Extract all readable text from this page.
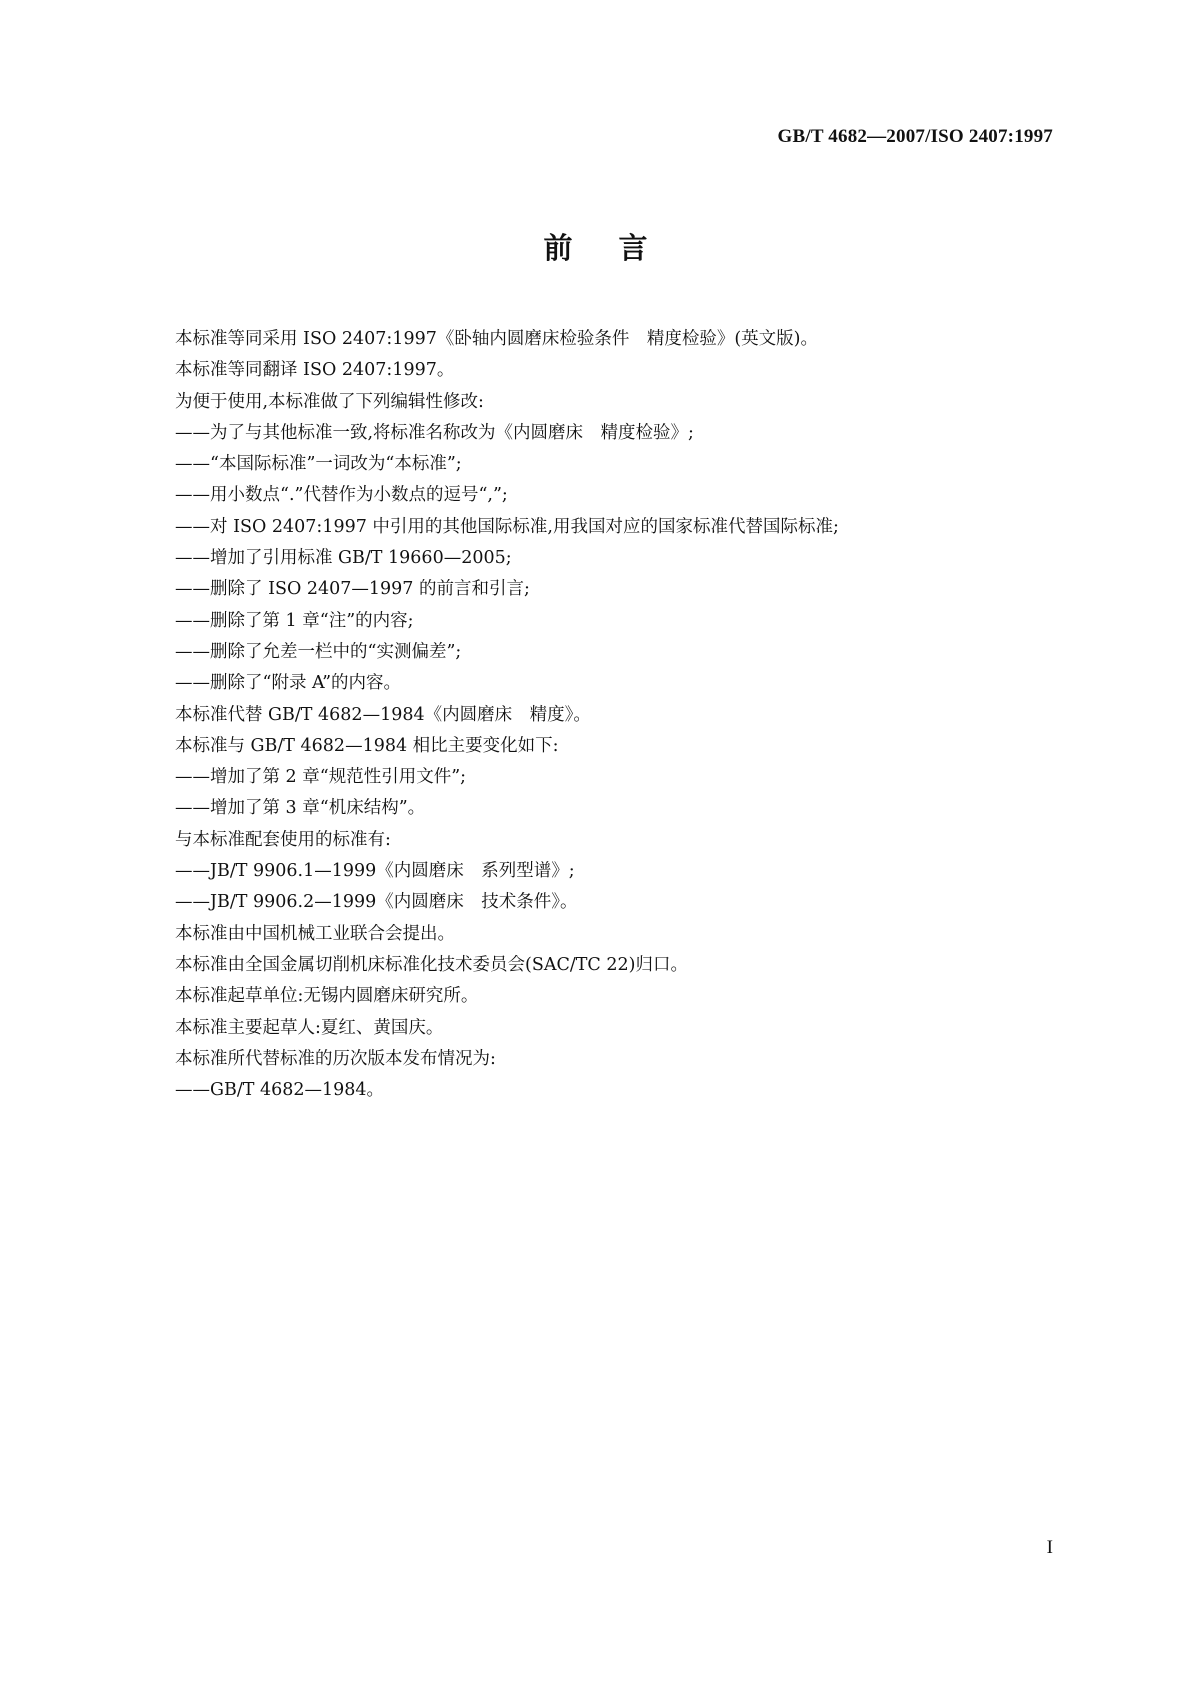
GB/T 4682—2007/ISO 2407:1997
前言
本标准等同采用 ISO 2407:1997《卧轴内圆磨床检验条件　精度检验》(英文版)。
本标准等同翻译 ISO 2407:1997。
为便于使用,本标准做了下列编辑性修改:
——为了与其他标准一致,将标准名称改为《内圆磨床　精度检验》;
——“本国际标准”一词改为“本标准”;
——用小数点“.”代替作为小数点的逗号“,”;
——对 ISO 2407:1997 中引用的其他国际标准,用我国对应的国家标准代替国际标准;
——增加了引用标准 GB/T 19660—2005;
——删除了 ISO 2407—1997 的前言和引言;
——删除了第 1 章“注”的内容;
——删除了允差一栏中的“实测偏差”;
——删除了“附录 A”的内容。
本标准代替 GB/T 4682—1984《内圆磨床　精度》。
本标准与 GB/T 4682—1984 相比主要变化如下:
——增加了第 2 章“规范性引用文件”;
——增加了第 3 章“机床结构”。
与本标准配套使用的标准有:
——JB/T 9906.1—1999《内圆磨床　系列型谱》;
——JB/T 9906.2—1999《内圆磨床　技术条件》。
本标准由中国机械工业联合会提出。
本标准由全国金属切削机床标准化技术委员会(SAC/TC 22)归口。
本标准起草单位:无锡内圆磨床研究所。
本标准主要起草人:夏红、黄国庆。
本标准所代替标准的历次版本发布情况为:
——GB/T 4682—1984。
I
